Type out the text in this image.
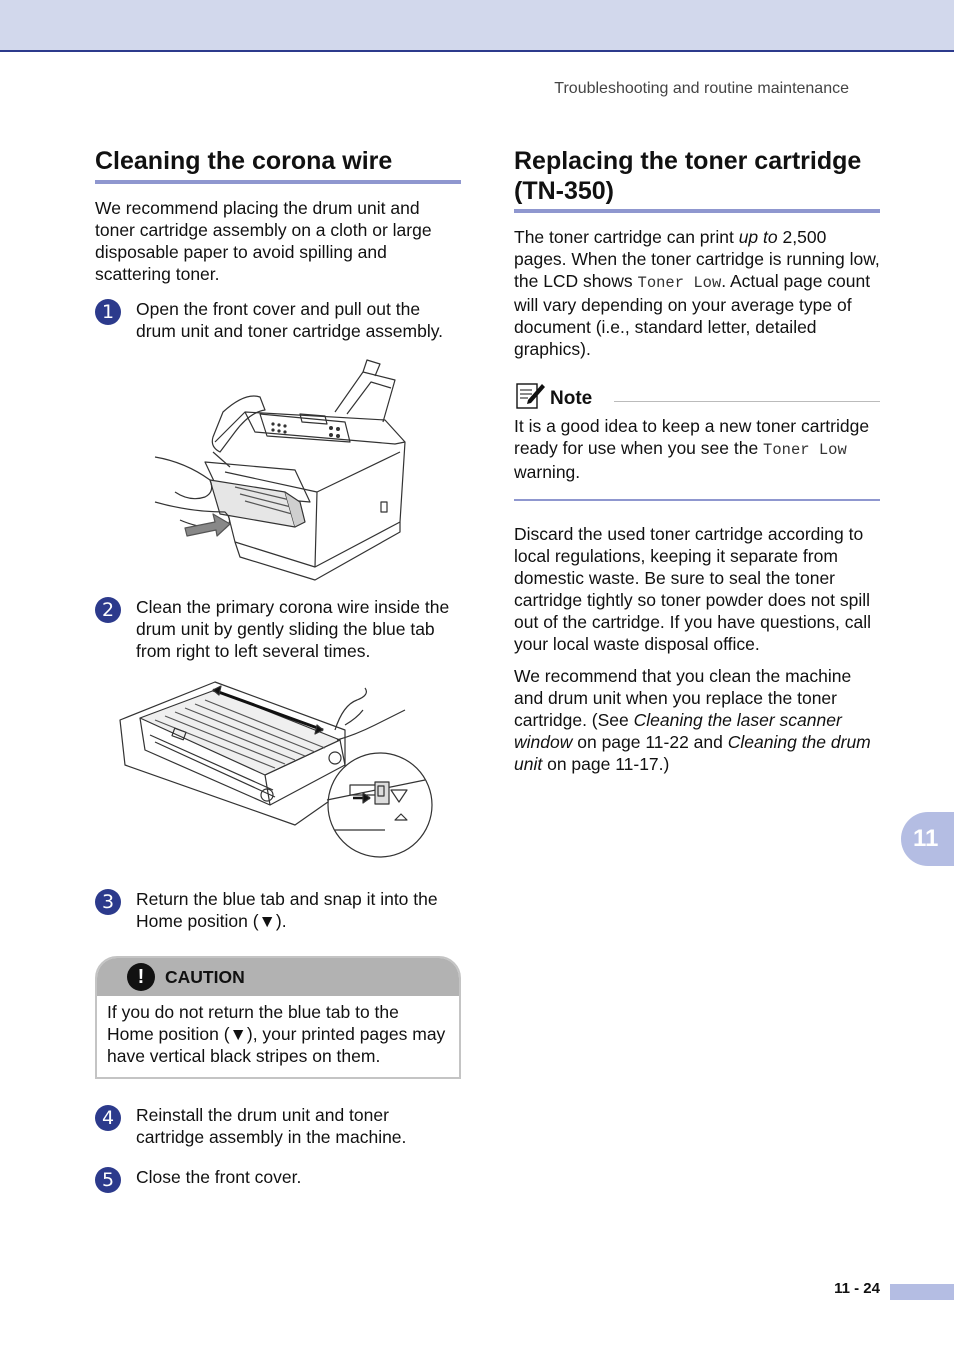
Troubleshooting and routine maintenance
Cleaning the corona wire

We recommend placing the drum unit and toner cartridge assembly on a cloth or large disposable paper to avoid spilling and scattering toner.

1	Open the front cover and pull out the drum unit and toner cartridge assembly.
2	Clean the primary corona wire inside the drum unit by gently sliding the blue tab from right to left several times.
3	Return the blue tab and snap it into the Home position (▼).
!	CAUTION
If you do not return the blue tab to the Home position (▼), your printed pages may have vertical black stripes on them.
4	Reinstall the drum unit and toner cartridge assembly in the machine.
5	Close the front cover.
Replacing the toner cartridge
(TN-350)

The toner cartridge can print up to 2,500 pages. When the toner cartridge is running low, the LCD shows Toner Low. Actual page count will vary depending on your average type of document (i.e., standard letter, detailed graphics).

Note

It is a good idea to keep a new toner cartridge ready for use when you see the Toner Low warning.

Discard the used toner cartridge according to local regulations, keeping it separate from domestic waste. Be sure to seal the toner cartridge tightly so toner powder does not spill out of the cartridge. If you have questions, call your local waste disposal office.

We recommend that you clean the machine and drum unit when you replace the toner cartridge. (See Cleaning the laser scanner window on page 11-22 and Cleaning the drum unit on page 11-17.)

11
11 - 24
